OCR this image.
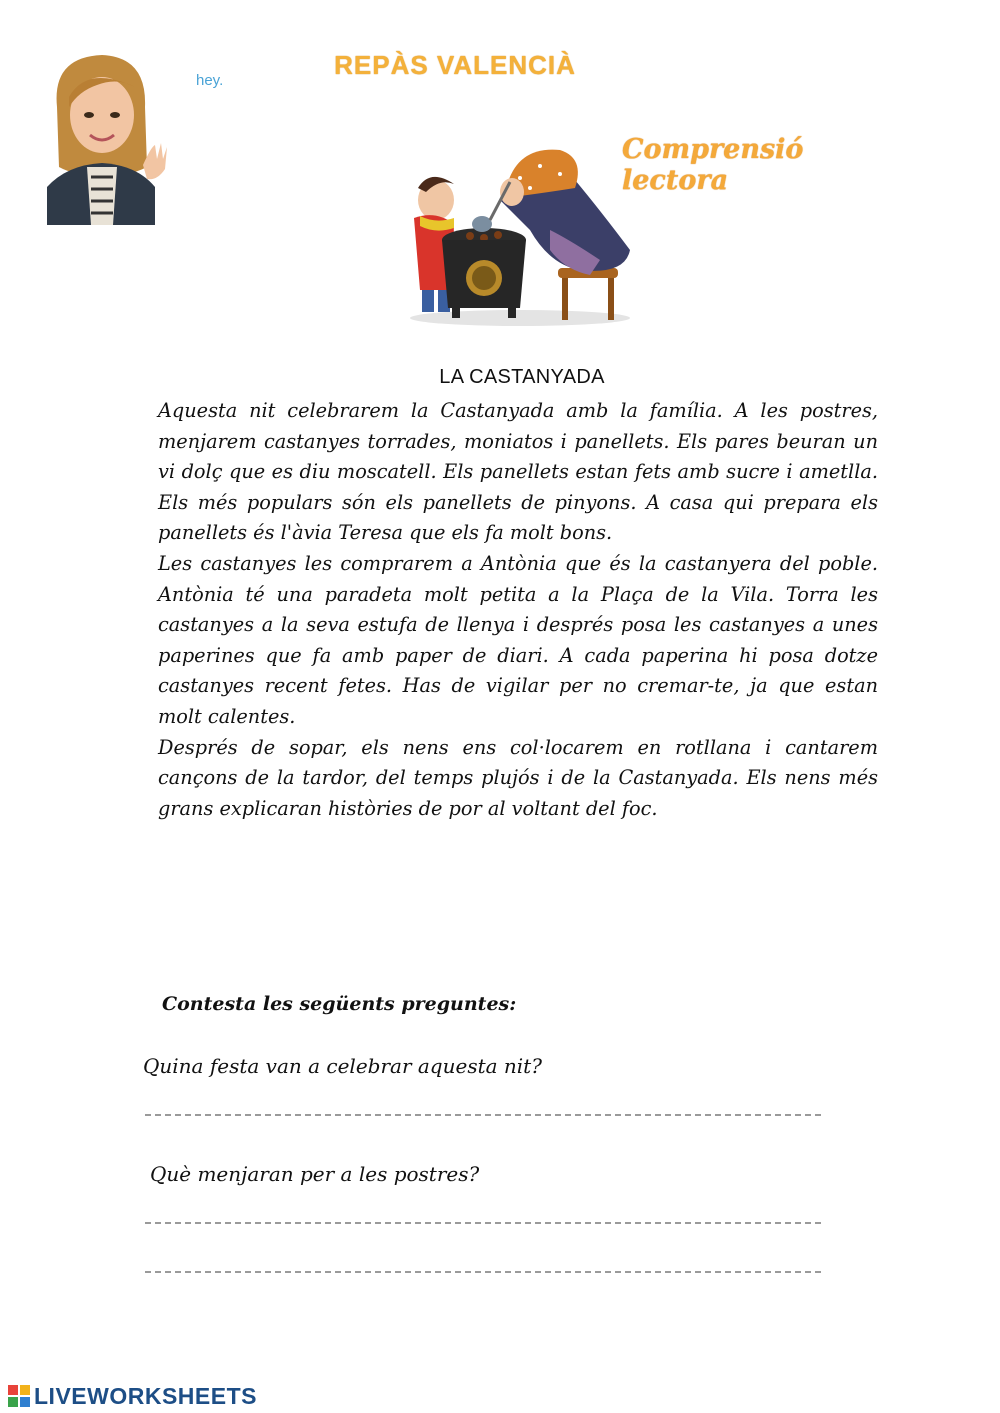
hey.
REPÀS VALENCIÀ
Comprensió lectora
LA CASTANYADA

Aquesta nit celebrarem la Castanyada amb la família. A les postres, menjarem castanyes torrades, moniatos i panellets. Els pares beuran un vi dolç que es diu moscatell. Els panellets estan fets amb sucre i ametlla. Els més populars són els panellets de pinyons. A casa qui prepara els panellets és l'àvia Teresa que els fa molt bons.

Les castanyes les comprarem a Antònia que és la castanyera del poble. Antònia té una paradeta molt petita a la Plaça de la Vila. Torra les castanyes a la seva estufa de llenya i després posa les castanyes a unes paperines que fa amb paper de diari. A cada paperina hi posa dotze castanyes recent fetes. Has de vigilar per no cremar-te, ja que estan molt calentes.

Després de sopar, els nens ens col·locarem en rotllana i cantarem cançons de la tardor, del temps plujós i de la Castanyada. Els nens més grans explicaran històries de por al voltant del foc.

Contesta les següents preguntes:
Quina festa van a celebrar aquesta nit?
Què menjaran per a les postres?
LIVEWORKSHEETS
